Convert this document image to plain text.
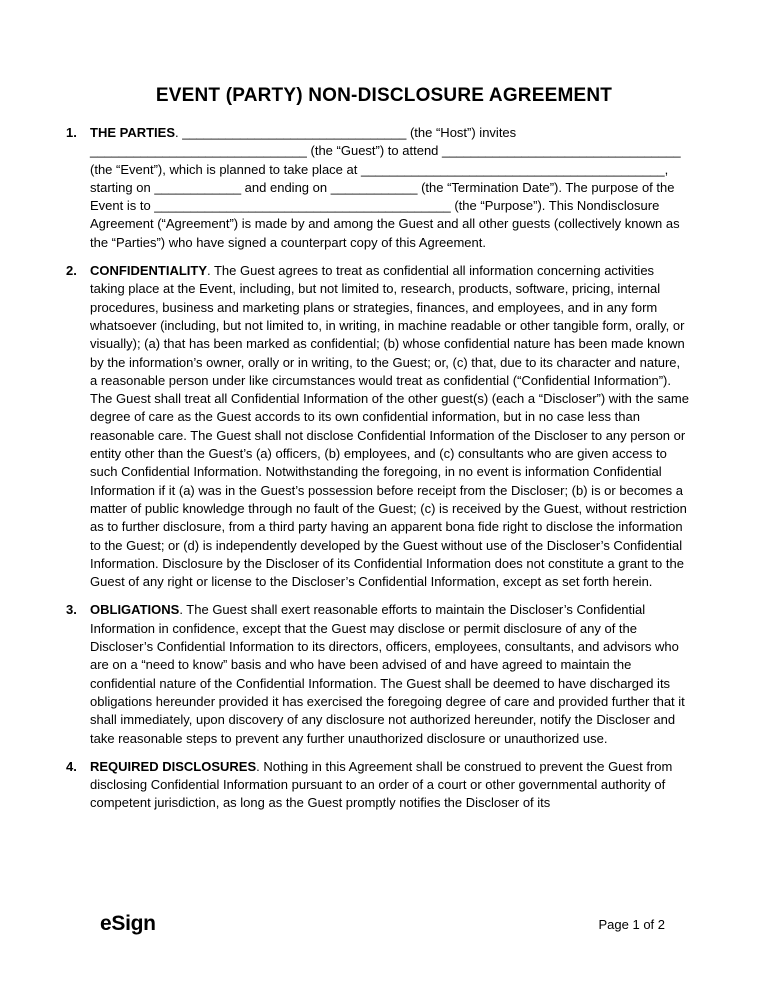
EVENT (PARTY) NON-DISCLOSURE AGREEMENT
1.	THE PARTIES. _______________________________ (the “Host”) invites ______________________________ (the “Guest”) to attend _________________________________ (the “Event”), which is planned to take place at __________________________________________, starting on ____________ and ending on ____________ (the “Termination Date”). The purpose of the Event is to _________________________________________ (the “Purpose”). This Nondisclosure Agreement (“Agreement”) is made by and among the Guest and all other guests (collectively known as the “Parties”) who have signed a counterpart copy of this Agreement.
2.	CONFIDENTIALITY. The Guest agrees to treat as confidential all information concerning activities taking place at the Event, including, but not limited to, research, products, software, pricing, internal procedures, business and marketing plans or strategies, finances, and employees, and in any form whatsoever (including, but not limited to, in writing, in machine readable or other tangible form, orally, or visually); (a) that has been marked as confidential; (b) whose confidential nature has been made known by the information’s owner, orally or in writing, to the Guest; or, (c) that, due to its character and nature, a reasonable person under like circumstances would treat as confidential (“Confidential Information”). The Guest shall treat all Confidential Information of the other guest(s) (each a “Discloser”) with the same degree of care as the Guest accords to its own confidential information, but in no case less than reasonable care. The Guest shall not disclose Confidential Information of the Discloser to any person or entity other than the Guest’s (a) officers, (b) employees, and (c) consultants who are given access to such Confidential Information. Notwithstanding the foregoing, in no event is information Confidential Information if it (a) was in the Guest’s possession before receipt from the Discloser; (b) is or becomes a matter of public knowledge through no fault of the Guest; (c) is received by the Guest, without restriction as to further disclosure, from a third party having an apparent bona fide right to disclose the information to the Guest; or (d) is independently developed by the Guest without use of the Discloser’s Confidential Information. Disclosure by the Discloser of its Confidential Information does not constitute a grant to the Guest of any right or license to the Discloser’s Confidential Information, except as set forth herein.
3.	OBLIGATIONS. The Guest shall exert reasonable efforts to maintain the Discloser’s Confidential Information in confidence, except that the Guest may disclose or permit disclosure of any of the Discloser’s Confidential Information to its directors, officers, employees, consultants, and advisors who are on a “need to know” basis and who have been advised of and have agreed to maintain the confidential nature of the Confidential Information. The Guest shall be deemed to have discharged its obligations hereunder provided it has exercised the foregoing degree of care and provided further that it shall immediately, upon discovery of any disclosure not authorized hereunder, notify the Discloser and take reasonable steps to prevent any further unauthorized disclosure or unauthorized use.
4.	REQUIRED DISCLOSURES. Nothing in this Agreement shall be construed to prevent the Guest from disclosing Confidential Information pursuant to an order of a court or other governmental authority of competent jurisdiction, as long as the Guest promptly notifies the Discloser of its
eSign	Page 1 of 2
